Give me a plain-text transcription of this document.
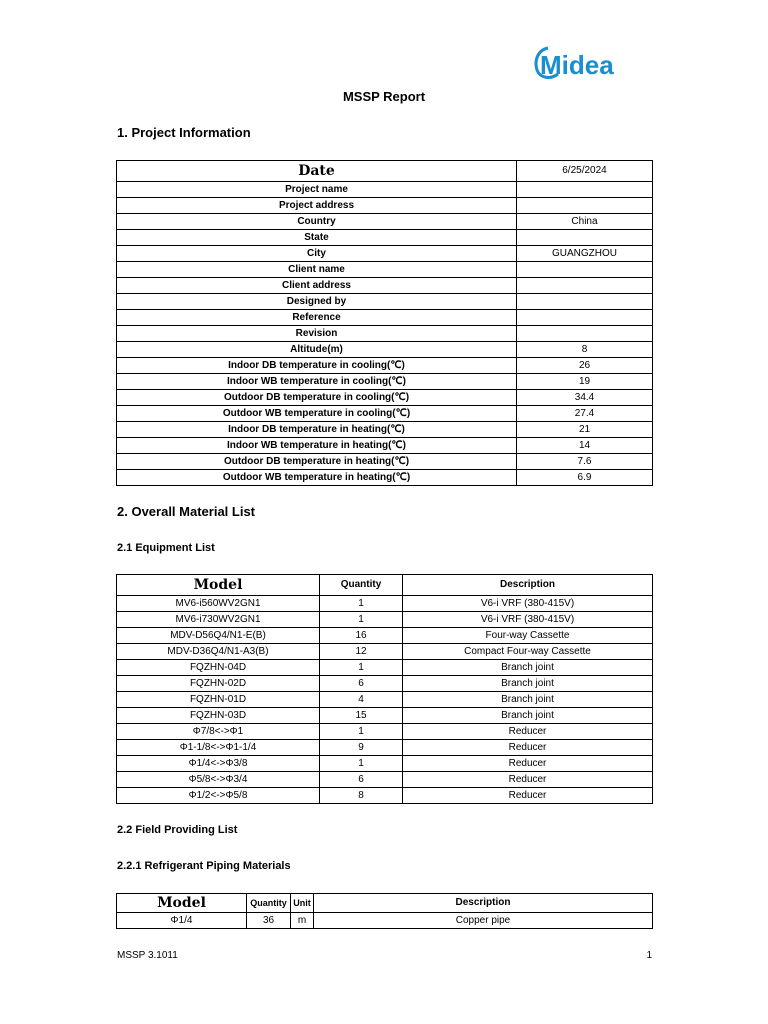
Midea
MSSP Report
1. Project Information
Date	6/25/2024
Project name	
Project address	
Country	China
State	
City	GUANGZHOU
Client name	
Client address	
Designed by	
Reference	
Revision	
Altitude(m)	8
Indoor DB temperature in cooling(℃)	26
Indoor WB temperature in cooling(℃)	19
Outdoor DB temperature in cooling(℃)	34.4
Outdoor WB temperature in cooling(℃)	27.4
Indoor DB temperature in heating(℃)	21
Indoor WB temperature in heating(℃)	14
Outdoor DB temperature in heating(℃)	7.6
Outdoor WB temperature in heating(℃)	6.9
2. Overall Material List
2.1 Equipment List
Model	Quantity	Description
MV6-i560WV2GN1	1	V6-i VRF (380-415V)
MV6-i730WV2GN1	1	V6-i VRF (380-415V)
MDV-D56Q4/N1-E(B)	16	Four-way Cassette
MDV-D36Q4/N1-A3(B)	12	Compact Four-way Cassette
FQZHN-04D	1	Branch joint
FQZHN-02D	6	Branch joint
FQZHN-01D	4	Branch joint
FQZHN-03D	15	Branch joint
Φ7/8<->Φ1	1	Reducer
Φ1-1/8<->Φ1-1/4	9	Reducer
Φ1/4<->Φ3/8	1	Reducer
Φ5/8<->Φ3/4	6	Reducer
Φ1/2<->Φ5/8	8	Reducer
2.2 Field Providing List
2.2.1 Refrigerant Piping Materials
Model	Quantity	Unit	Description
Φ1/4	36	m	Copper pipe
MSSP 3.1011	1
